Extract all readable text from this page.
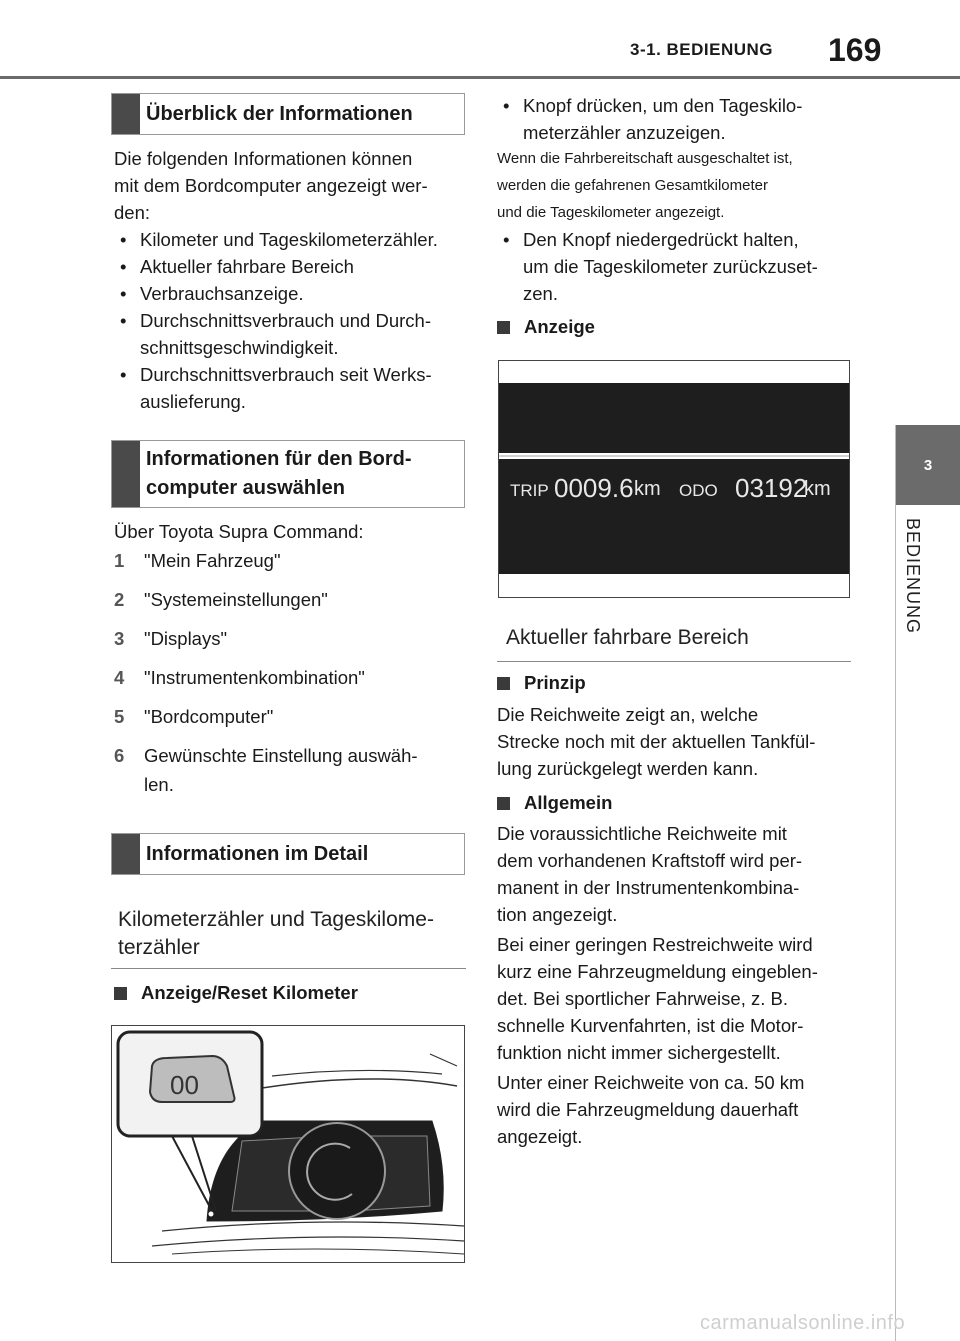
3-1. BEDIENUNG 169
3
BEDIENUNG
Überblick der Informationen
Die folgenden Informationen können
mit dem Bordcomputer angezeigt wer-
den:
• Kilometer und Tageskilometerzähler.
• Aktueller fahrbare Bereich
• Verbrauchsanzeige.
• Durchschnittsverbrauch und Durch-
schnittsgeschwindigkeit.
• Durchschnittsverbrauch seit Werks-
auslieferung.
Informationen für den Bord-
computer auswählen
Über Toyota Supra Command:
1	"Mein Fahrzeug"
2	"Systemeinstellungen"
3	"Displays"
4	"Instrumentenkombination"
5	"Bordcomputer"
6	Gewünschte Einstellung auswäh-
len.
Informationen im Detail
Kilometerzähler und Tageskilome-
terzähler
Anzeige/Reset Kilometer
00
• Knopf drücken, um den Tageskilo-
meterzähler anzuzeigen.
Wenn die Fahrbereitschaft ausgeschaltet ist,
werden die gefahrenen Gesamtkilometer
und die Tageskilometer angezeigt.
• Den Knopf niedergedrückt halten,
um die Tageskilometer zurückzuset-
zen.
Anzeige
TRIP 0009.6 km ODO 03192
km
Aktueller fahrbare Bereich
Prinzip
Die Reichweite zeigt an, welche
Strecke noch mit der aktuellen Tankfül-
lung zurückgelegt werden kann.
Allgemein
Die voraussichtliche Reichweite mit
dem vorhandenen Kraftstoff wird per-
manent in der Instrumentenkombina-
tion angezeigt.
Bei einer geringen Restreichweite wird
kurz eine Fahrzeugmeldung eingeblen-
det. Bei sportlicher Fahrweise, z. B.
schnelle Kurvenfahrten, ist die Motor-
funktion nicht immer sichergestellt.
Unter einer Reichweite von ca. 50 km
wird die Fahrzeugmeldung dauerhaft
angezeigt.
carmanualsonline.info
